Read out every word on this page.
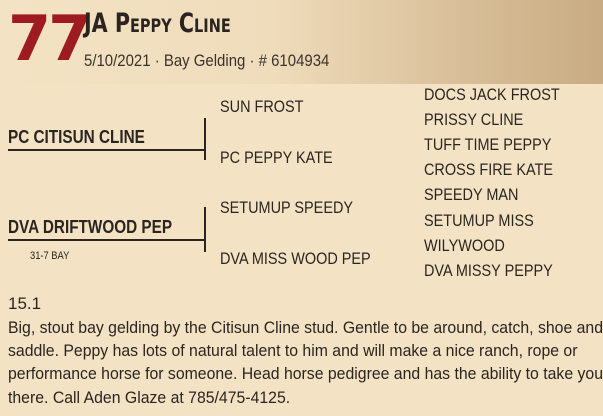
77
JA Peppy Cline
5/10/2021 · Bay Gelding · # 6104934
PC CITISUN CLINE
DVA DRIFTWOOD PEP
31-7 BAY
SUN FROST
PC PEPPY KATE
SETUMUP SPEEDY
DVA MISS WOOD PEP
DOCS JACK FROST
PRISSY CLINE
TUFF TIME PEPPY
CROSS FIRE KATE
SPEEDY MAN
SETUMUP MISS
WILYWOOD
DVA MISSY PEPPY
15.1
Big, stout bay gelding by the Citisun Cline stud. Gentle to be around, catch, shoe and saddle. Peppy has lots of natural talent to him and will make a nice ranch, rope or performance horse for someone. Head horse pedigree and has the ability to take you there. Call Aden Glaze at 785/475-4125.
